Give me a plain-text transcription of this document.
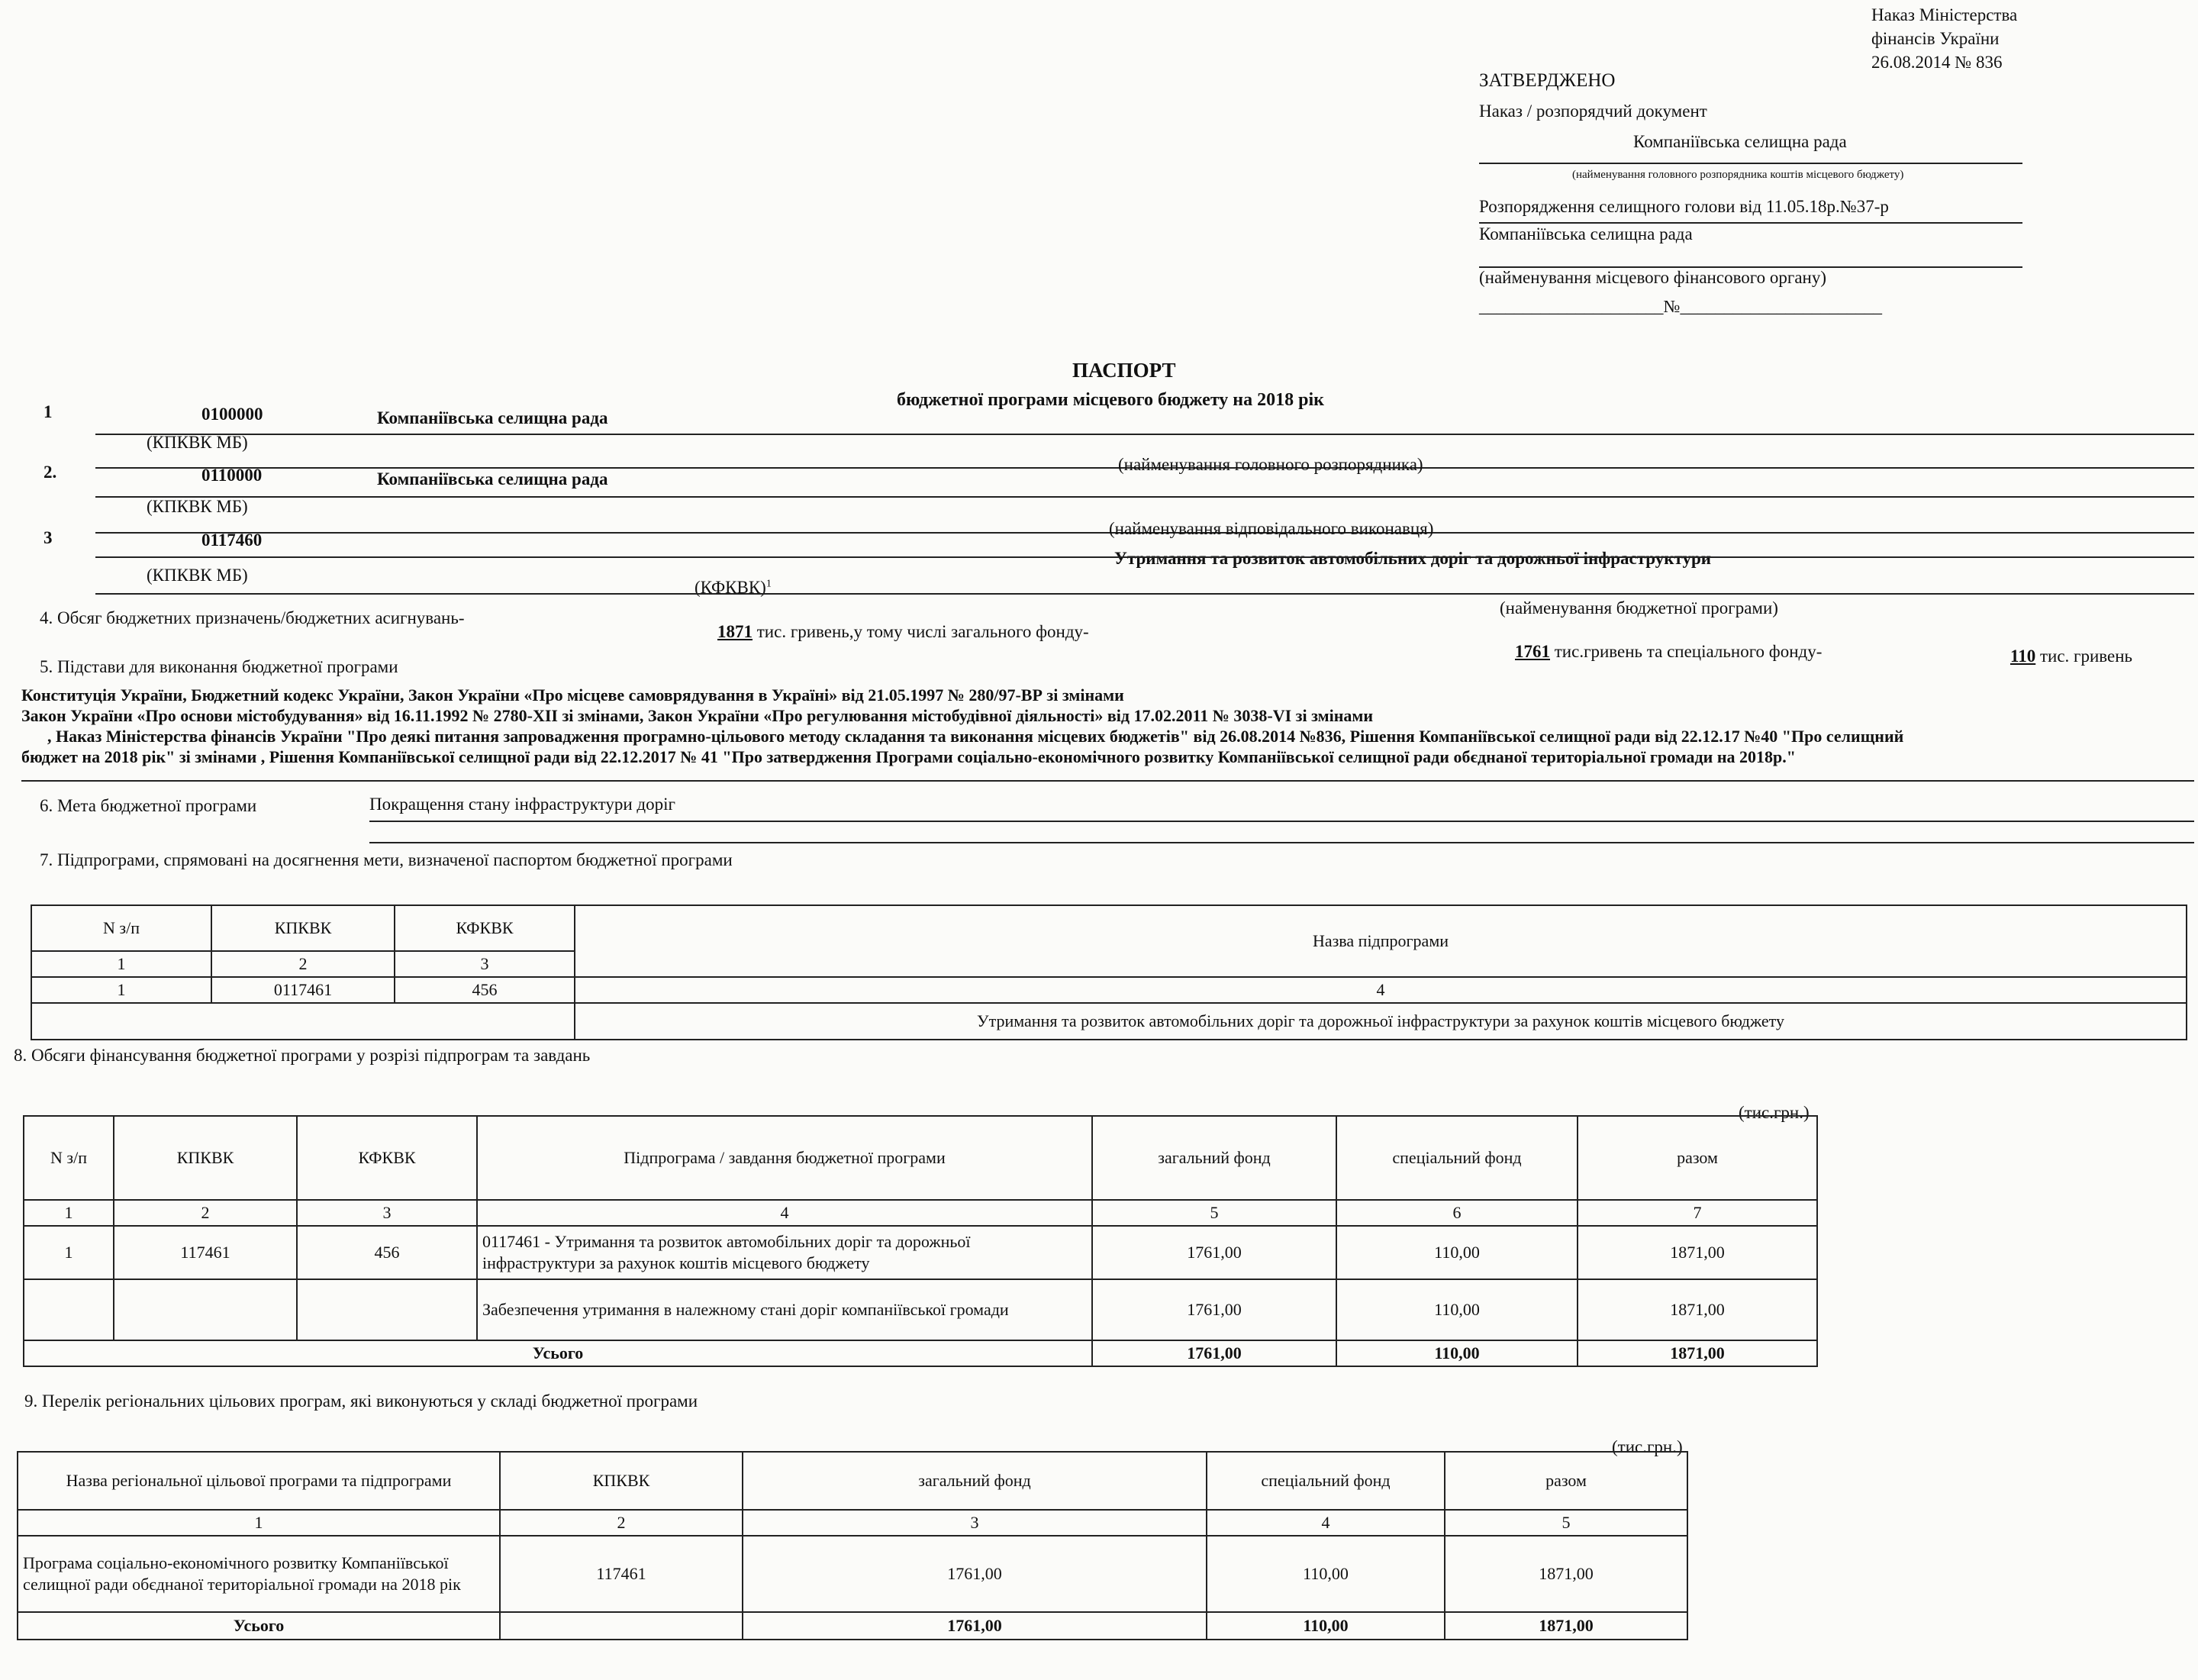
Наказ Міністерства
фінансів України
26.08.2014 № 836
ЗАТВЕРДЖЕНО
Наказ / розпорядчий документ
Компаніївська селищна рада
(найменування головного розпорядника коштів місцевого бюджету)
Розпорядження селищного голови від 11.05.18р.№37-р
Компаніївська селищна рада
(найменування місцевого фінансового органу)
_____________________№_______________________
ПАСПОРТ
бюджетної програми місцевого бюджету на 2018 рік
1	0100000	Компаніївська селищна рада
(КПКВК МБ)
(найменування головного розпорядника)
2.	0110000	Компаніївська селищна рада
(КПКВК МБ)
(найменування відповідального виконавця)
3	0117460
Утримання та розвиток автомобільних доріг та дорожньої інфраструктури
(КПКВК МБ)
(КФКВК)$^1$
(найменування бюджетної програми)
4. Обсяг бюджетних призначень/бюджетних асигнувань-
1871 тис. гривень,у тому числі загального фонду-
1761 тис.гривень та спеціального фонду-	110 тис. гривень
5. Підстави для виконання бюджетної програми
Конституція України, Бюджетний кодекс України, Закон України «Про місцеве самоврядування в Україні» від 21.05.1997 № 280/97-ВР зі змінами
Закон України «Про основи містобудування» від 16.11.1992 № 2780-XII зі змінами, Закон України «Про регулювання містобудівної діяльності» від 17.02.2011 № 3038-VI зі змінами
, Наказ Міністерства фінансів України "Про деякі питання запровадження програмно-цільового методу складання та виконання місцевих бюджетів" від 26.08.2014 №836, Рішення Компаніївської селищної ради від 22.12.17 №40 "Про селищний
бюджет на 2018 рік" зі змінами , Рішення Компаніївської селищної ради від 22.12.2017 № 41 "Про затвердження Програми соціально-економічного розвитку Компаніївської селищної ради обєднаної територіальної громади на 2018р."
6. Мета бюджетної програми	Покращення стану інфраструктури доріг
7. Підпрограми, спрямовані на досягнення мети, визначеної паспортом бюджетної програми
N з/п	КПКВК	КФКВК	Назва підпрограми
1	2	3	
1	0117461	456	4
			Утримання та розвиток автомобільних доріг та дорожньої інфраструктури за рахунок коштів місцевого бюджету
8. Обсяги фінансування бюджетної програми у розрізі підпрограм та завдань
(тис.грн.)
N з/п	КПКВК	КФКВК	Підпрограма / завдання бюджетної програми	загальний фонд	спеціальний фонд	разом
1	2	3	4	5	6	7
1	117461	456	0117461 - Утримання та розвиток автомобільних доріг та дорожньої інфраструктури за рахунок коштів місцевого бюджету	1761,00	110,00	1871,00
			Забезпечення утримання в належному стані доріг компаніївської громади	1761,00	110,00	1871,00
Усього				1761,00	110,00	1871,00
9. Перелік регіональних цільових програм, які виконуються у складі бюджетної програми
(тис.грн.)
Назва регіональної цільової програми та підпрограми	КПКВК	загальний фонд	спеціальний фонд	разом
1	2	3	4	5
Програма соціально-економічного розвитку Компаніївської селищної ради обєднаної територіальної громади на 2018 рік	117461	1761,00	110,00	1871,00
Усього		1761,00	110,00	1871,00
